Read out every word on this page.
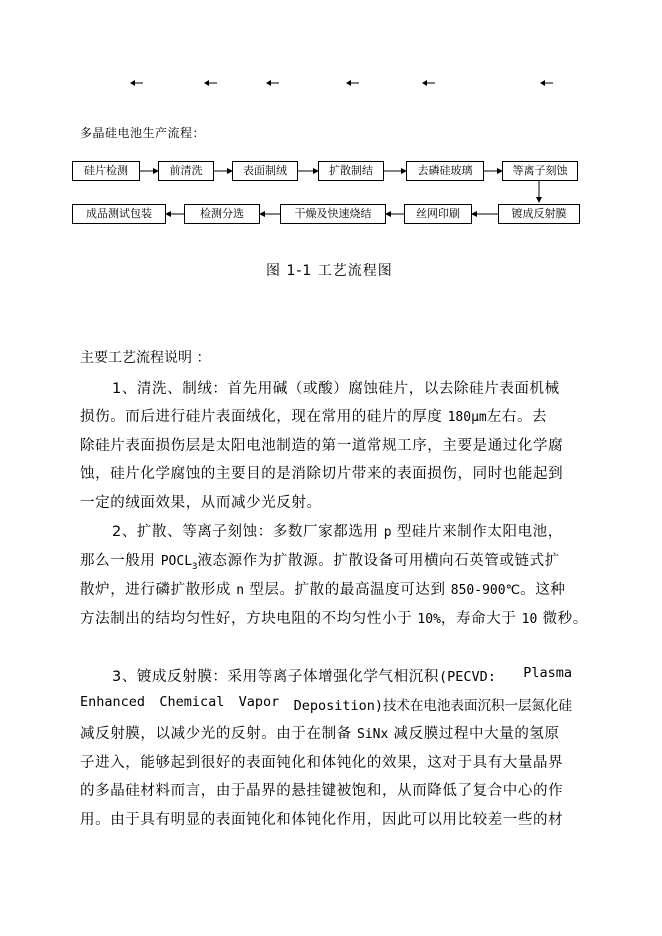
多晶硅电池生产流程：
硅片检测	前清洗	表面制绒	扩散制结	去磷硅玻璃	等离子刻蚀
成品测试包装	检测分选	干燥及快速烧结	丝网印刷	镀成反射膜
图 1-1 工艺流程图
主要工艺流程说明 ：
1、清洗、制绒：首先用碱（或酸）腐蚀硅片，以去除硅片表面机械
损伤。而后进行硅片表面绒化，现在常用的硅片的厚度 180μm左右。去
除硅片表面损伤层是太阳电池制造的第一道常规工序，主要是通过化学腐
蚀，硅片化学腐蚀的主要目的是消除切片带来的表面损伤，同时也能起到
一定的绒面效果，从而减少光反射。
2、扩散、等离子刻蚀：多数厂家都选用 p 型硅片来制作太阳电池，
那么一般用 $POCL_3$液态源作为扩散源。扩散设备可用横向石英管或链式扩
散炉，进行磷扩散形成 n 型层。扩散的最高温度可达到 850-900℃。这种
方法制出的结均匀性好，方块电阻的不均匀性小于 10%，寿命大于 10 微秒。
3、镀成反射膜：采用等离子体增强化学气相沉积(PECVD: Plasma
Enhanced Chemical Vapor Deposition)技术在电池表面沉积一层氮化硅
减反射膜，以减少光的反射。由于在制备 SiNx 减反膜过程中大量的氢原
子进入，能够起到很好的表面钝化和体钝化的效果，这对于具有大量晶界
的多晶硅材料而言，由于晶界的悬挂键被饱和，从而降低了复合中心的作
用。由于具有明显的表面钝化和体钝化作用，因此可以用比较差一些的材
